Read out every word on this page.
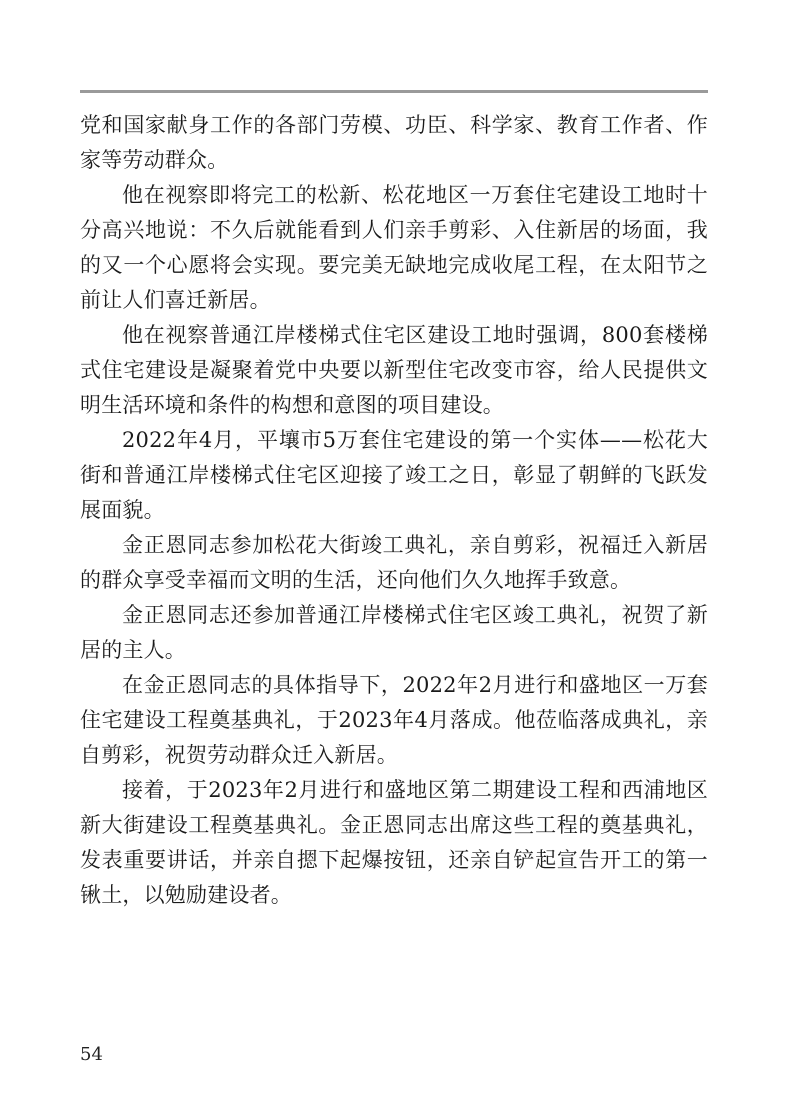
党和国家献身工作的各部门劳模、功臣、科学家、教育工作者、作家等劳动群众。

他在视察即将完工的松新、松花地区一万套住宅建设工地时十分高兴地说：不久后就能看到人们亲手剪彩、入住新居的场面，我的又一个心愿将会实现。要完美无缺地完成收尾工程，在太阳节之前让人们喜迁新居。

他在视察普通江岸楼梯式住宅区建设工地时强调，800套楼梯式住宅建设是凝聚着党中央要以新型住宅改变市容，给人民提供文明生活环境和条件的构想和意图的项目建设。

2022年4月，平壤市5万套住宅建设的第一个实体——松花大街和普通江岸楼梯式住宅区迎接了竣工之日，彰显了朝鲜的飞跃发展面貌。

金正恩同志参加松花大街竣工典礼，亲自剪彩，祝福迁入新居的群众享受幸福而文明的生活，还向他们久久地挥手致意。

金正恩同志还参加普通江岸楼梯式住宅区竣工典礼，祝贺了新居的主人。

在金正恩同志的具体指导下，2022年2月进行和盛地区一万套住宅建设工程奠基典礼，于2023年4月落成。他莅临落成典礼，亲自剪彩，祝贺劳动群众迁入新居。

接着，于2023年2月进行和盛地区第二期建设工程和西浦地区新大街建设工程奠基典礼。金正恩同志出席这些工程的奠基典礼，发表重要讲话，并亲自摁下起爆按钮，还亲自铲起宣告开工的第一锹土，以勉励建设者。

54
